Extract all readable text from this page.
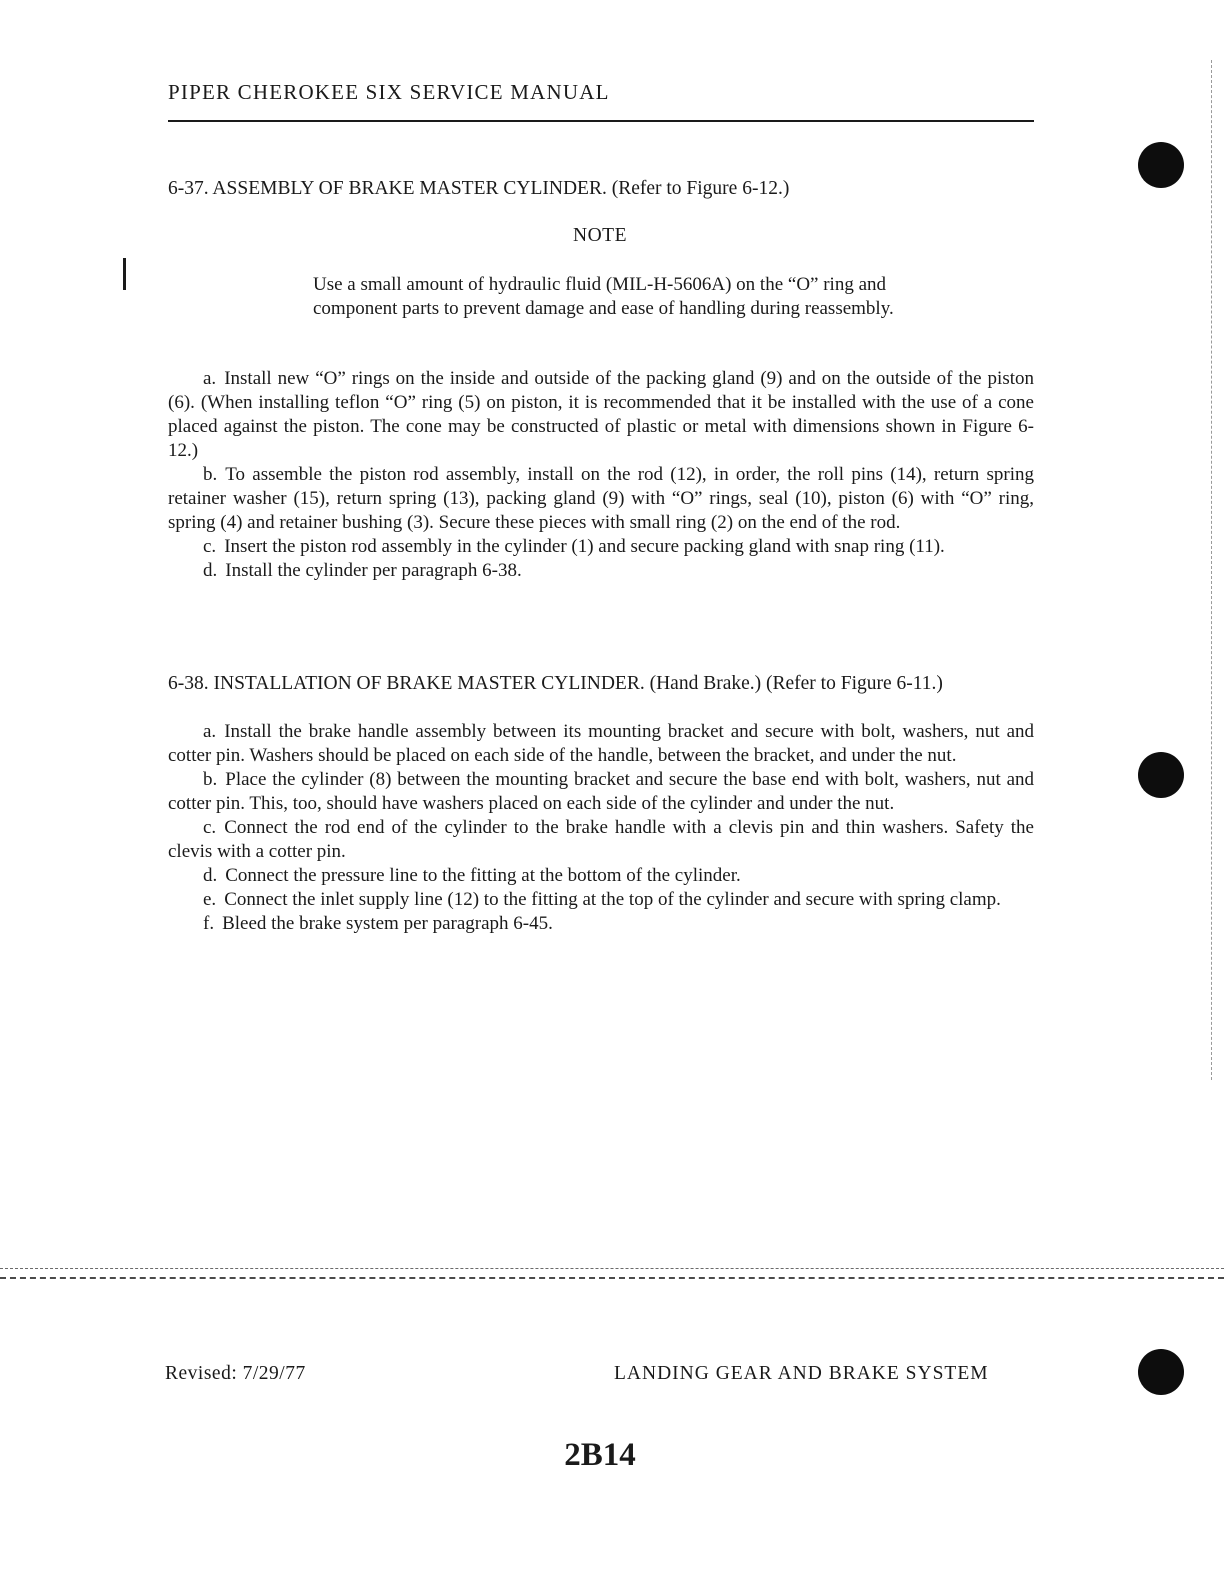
PIPER CHEROKEE SIX SERVICE MANUAL
6-37. ASSEMBLY OF BRAKE MASTER CYLINDER. (Refer to Figure 6-12.)
NOTE
Use a small amount of hydraulic fluid (MIL-H-5606A) on the “O” ring and component parts to prevent damage and ease of handling during reassembly.

a. Install new “O” rings on the inside and outside of the packing gland (9) and on the outside of the piston (6). (When installing teflon “O” ring (5) on piston, it is recommended that it be installed with the use of a cone placed against the piston. The cone may be constructed of plastic or metal with dimensions shown in Figure 6-12.)

b. To assemble the piston rod assembly, install on the rod (12), in order, the roll pins (14), return spring retainer washer (15), return spring (13), packing gland (9) with “O” rings, seal (10), piston (6) with “O” ring, spring (4) and retainer bushing (3). Secure these pieces with small ring (2) on the end of the rod.

c. Insert the piston rod assembly in the cylinder (1) and secure packing gland with snap ring (11).

d. Install the cylinder per paragraph 6-38.

6-38. INSTALLATION OF BRAKE MASTER CYLINDER. (Hand Brake.) (Refer to Figure 6-11.)

a. Install the brake handle assembly between its mounting bracket and secure with bolt, washers, nut and cotter pin. Washers should be placed on each side of the handle, between the bracket, and under the nut.

b. Place the cylinder (8) between the mounting bracket and secure the base end with bolt, washers, nut and cotter pin. This, too, should have washers placed on each side of the cylinder and under the nut.

c. Connect the rod end of the cylinder to the brake handle with a clevis pin and thin washers. Safety the clevis with a cotter pin.

d. Connect the pressure line to the fitting at the bottom of the cylinder.

e. Connect the inlet supply line (12) to the fitting at the top of the cylinder and secure with spring clamp.

f. Bleed the brake system per paragraph 6-45.

Revised: 7/29/77	LANDING GEAR AND BRAKE SYSTEM
2B14
